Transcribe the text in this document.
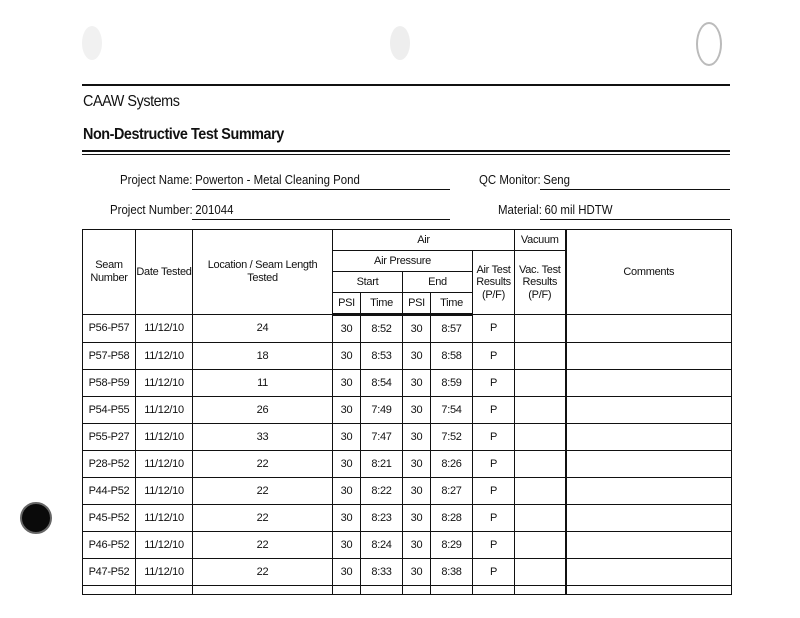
CAAW Systems
Non-Destructive Test Summary
Project Name: Powerton - Metal Cleaning Pond	QC Monitor: Seng
Project Number: 201044	Material: 60 mil HDTW
Seam Number	Date Tested	Location / Seam Length Tested	Air					Vacuum	Comments
			Air Pressure				Air Test Results (P/F)	Vac. Test Results (P/F)	
			Start		End				
			PSI	Time	PSI	Time			
P56-P57	11/12/10	24	30	8:52	30	8:57	P		
P57-P58	11/12/10	18	30	8:53	30	8:58	P		
P58-P59	11/12/10	11	30	8:54	30	8:59	P		
P54-P55	11/12/10	26	30	7:49	30	7:54	P		
P55-P27	11/12/10	33	30	7:47	30	7:52	P		
P28-P52	11/12/10	22	30	8:21	30	8:26	P		
P44-P52	11/12/10	22	30	8:22	30	8:27	P		
P45-P52	11/12/10	22	30	8:23	30	8:28	P		
P46-P52	11/12/10	22	30	8:24	30	8:29	P		
P47-P52	11/12/10	22	30	8:33	30	8:38	P		
